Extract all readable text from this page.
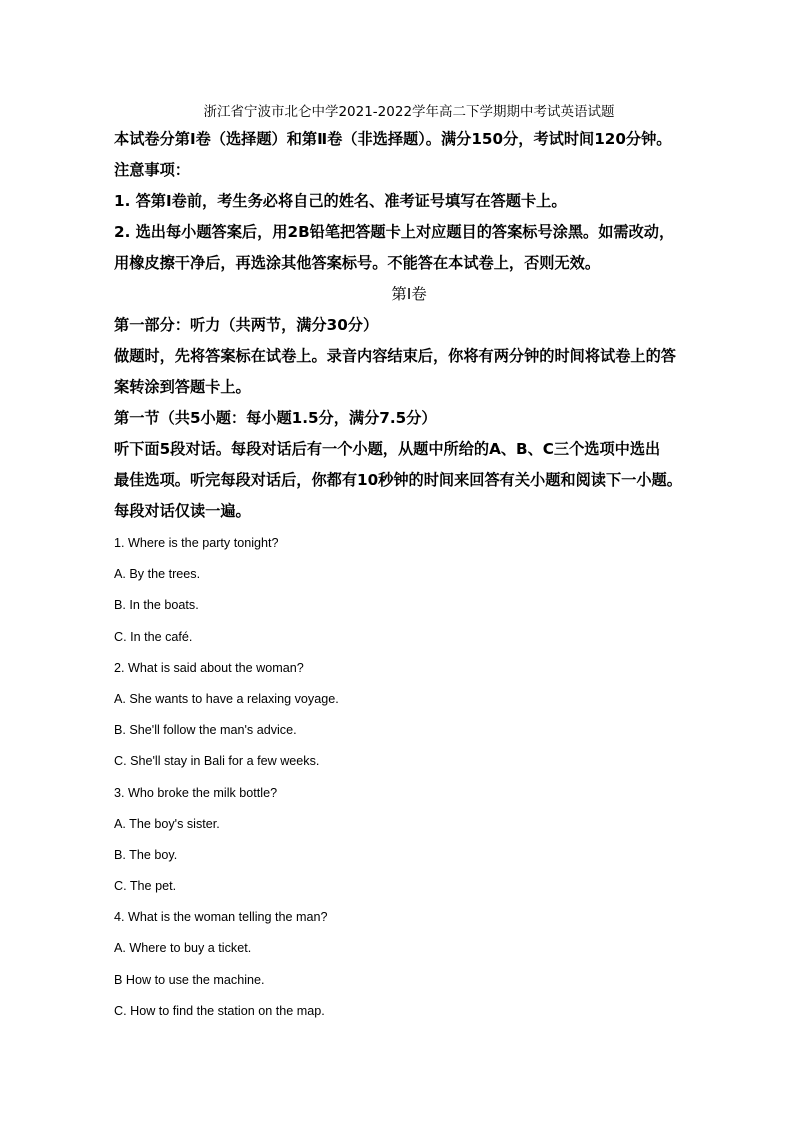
浙江省宁波市北仑中学2021-2022学年高二下学期期中考试英语试题

本试卷分第Ⅰ卷（选择题）和第Ⅱ卷（非选择题）。满分150分，考试时间120分钟。

注意事项：

1. 答第Ⅰ卷前，考生务必将自己的姓名、准考证号填写在答题卡上。

2. 选出每小题答案后，用2B铅笔把答题卡上对应题目的答案标号涂黑。如需改动，

用橡皮擦干净后，再选涂其他答案标号。不能答在本试卷上，否则无效。

第Ⅰ卷

第一部分：听力（共两节，满分30分）

做题时，先将答案标在试卷上。录音内容结束后，你将有两分钟的时间将试卷上的答

案转涂到答题卡上。

第一节（共5小题：每小题1.5分，满分7.5分）

听下面5段对话。每段对话后有一个小题，从题中所给的A、B、C三个选项中选出

最佳选项。听完每段对话后，你都有10秒钟的时间来回答有关小题和阅读下一小题。

每段对话仅读一遍。

1. Where is the party tonight?

A. By the trees.

B. In the boats.

C. In the café.

2. What is said about the woman?

A. She wants to have a relaxing voyage.

B. She'll follow the man's advice.

C. She'll stay in Bali for a few weeks.

3. Who broke the milk bottle?

A. The boy's sister.

B. The boy.

C. The pet.

4. What is the woman telling the man?

A. Where to buy a ticket.

B How to use the machine.

C. How to find the station on the map.
